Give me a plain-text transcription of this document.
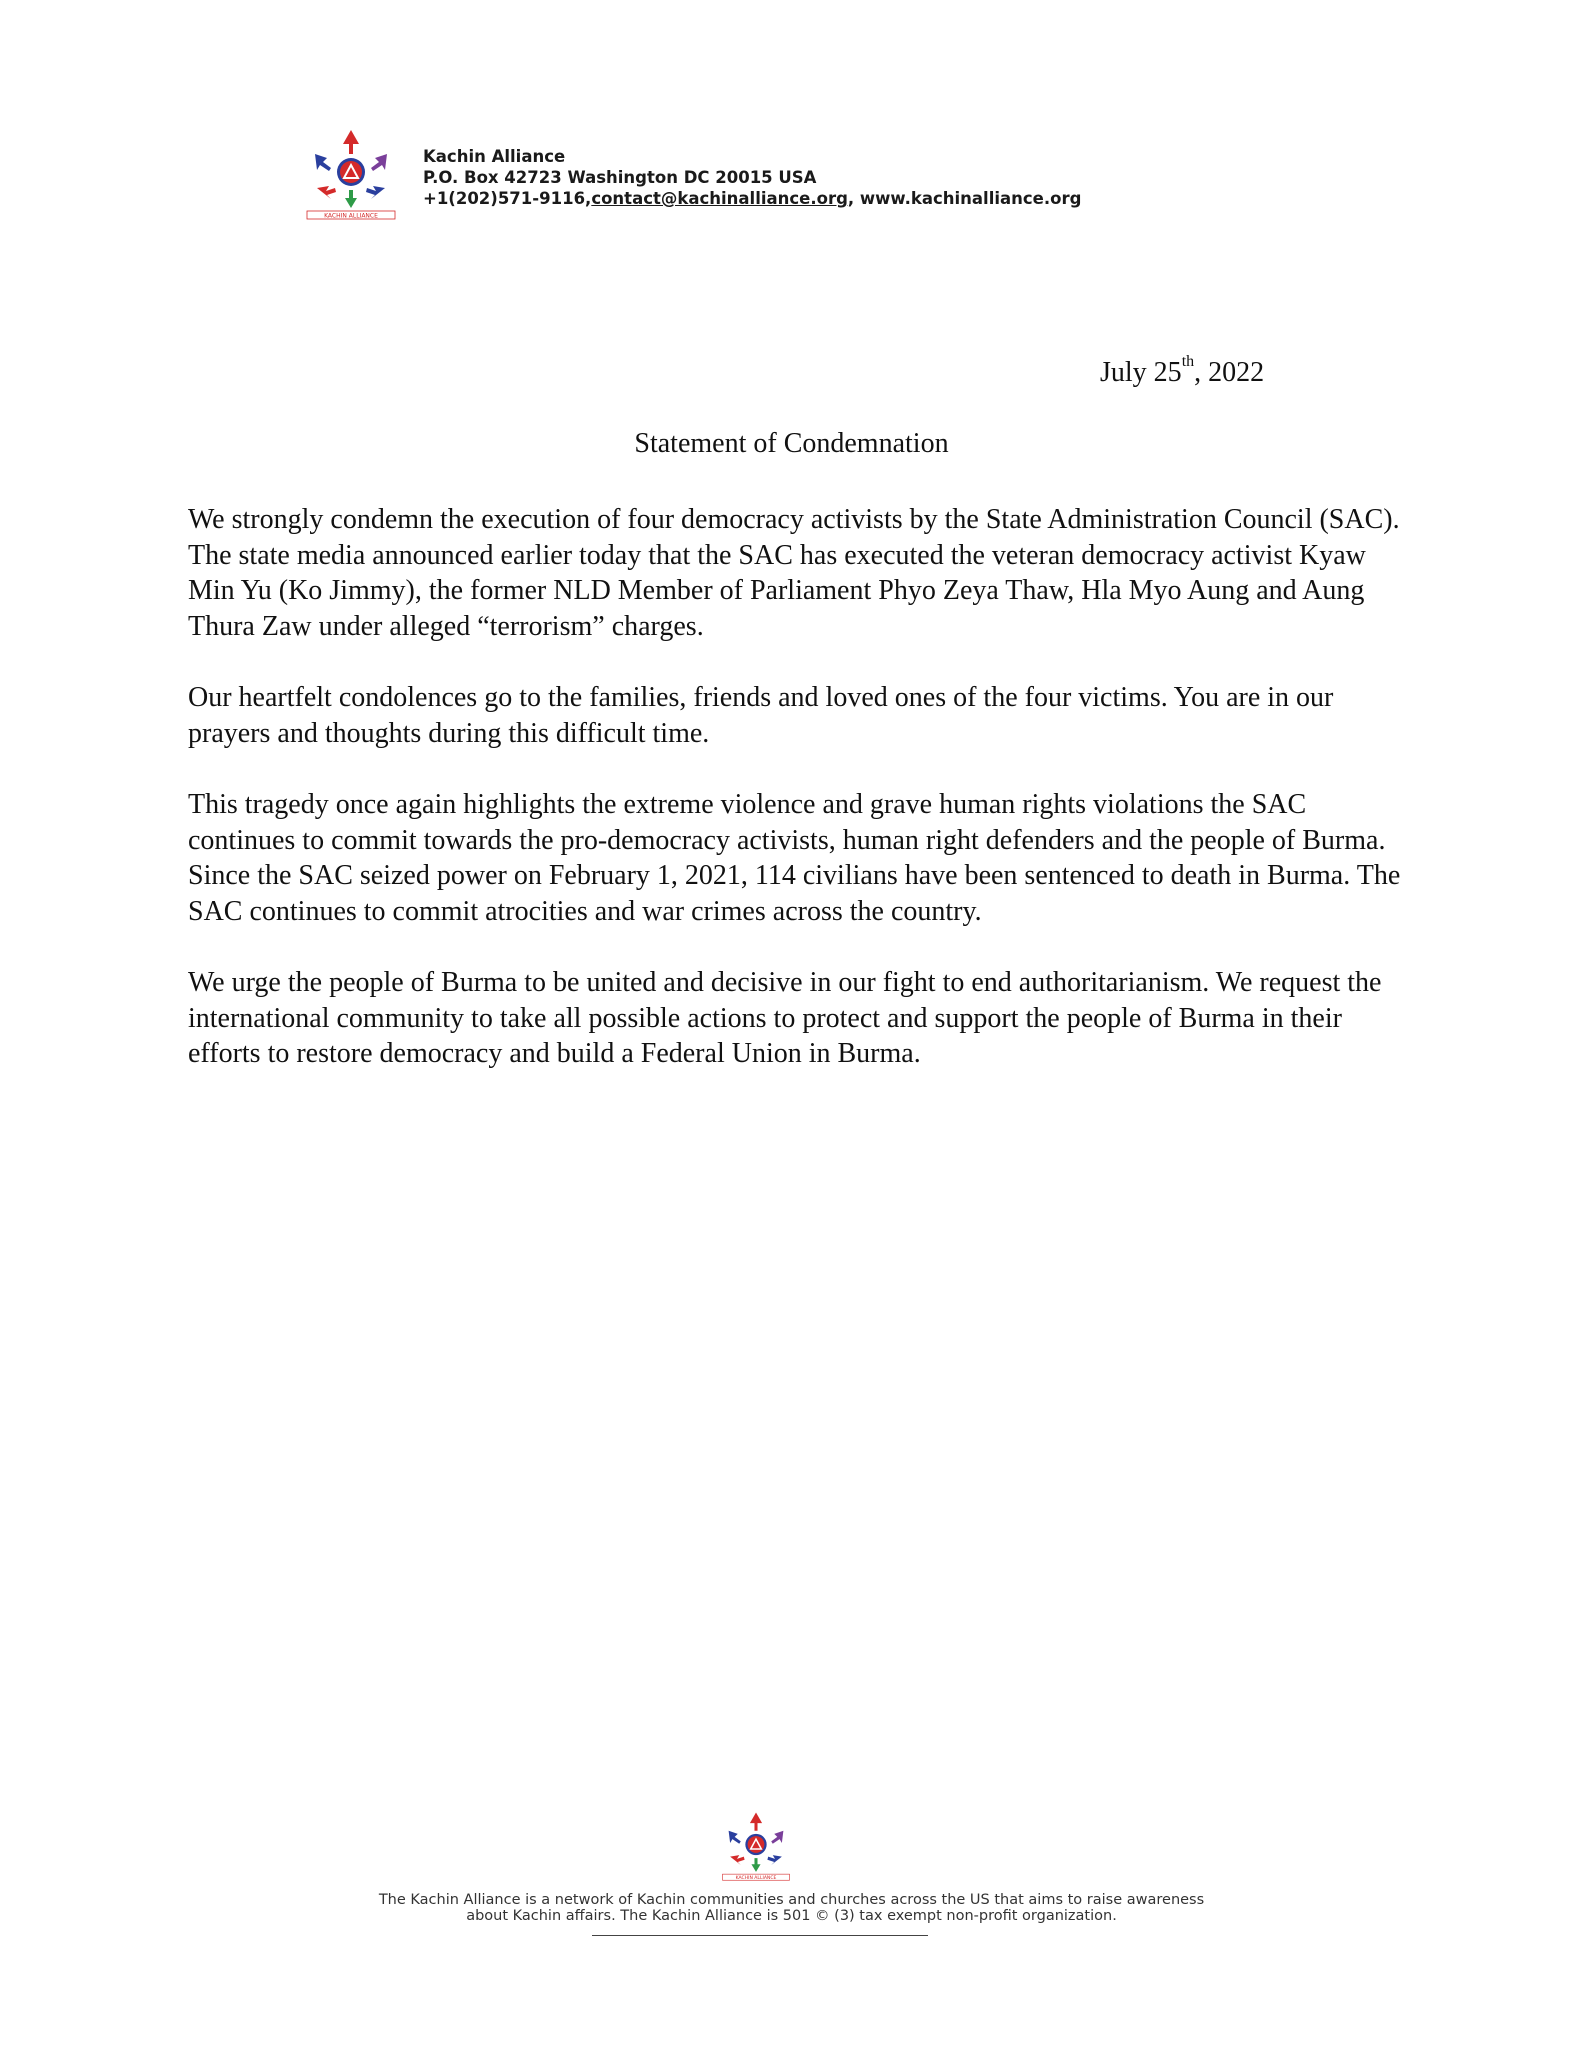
KACHIN ALLIANCE
Kachin Alliance
P.O. Box 42723 Washington DC 20015 USA
+1(202)571-9116,contact@kachinalliance.org, www.kachinalliance.org
July 25th, 2022
Statement of Condemnation

We strongly condemn the execution of four democracy activists by the State Administration Council (SAC). The state media announced earlier today that the SAC has executed the veteran democracy activist Kyaw Min Yu (Ko Jimmy), the former NLD Member of Parliament Phyo Zeya Thaw, Hla Myo Aung and Aung Thura Zaw under alleged “terrorism” charges.

Our heartfelt condolences go to the families, friends and loved ones of the four victims. You are in our prayers and thoughts during this difficult time.

This tragedy once again highlights the extreme violence and grave human rights violations the SAC continues to commit towards the pro-democracy activists, human right defenders and the people of Burma. Since the SAC seized power on February 1, 2021, 114 civilians have been sentenced to death in Burma. The SAC continues to commit atrocities and war crimes across the country.

We urge the people of Burma to be united and decisive in our fight to end authoritarianism. We request the international community to take all possible actions to protect and support the people of Burma in their efforts to restore democracy and build a Federal Union in Burma.

KACHIN ALLIANCE
The Kachin Alliance is a network of Kachin communities and churches across the US that aims to raise awareness
about Kachin affairs. The Kachin Alliance is 501 © (3) tax exempt non-profit organization.
